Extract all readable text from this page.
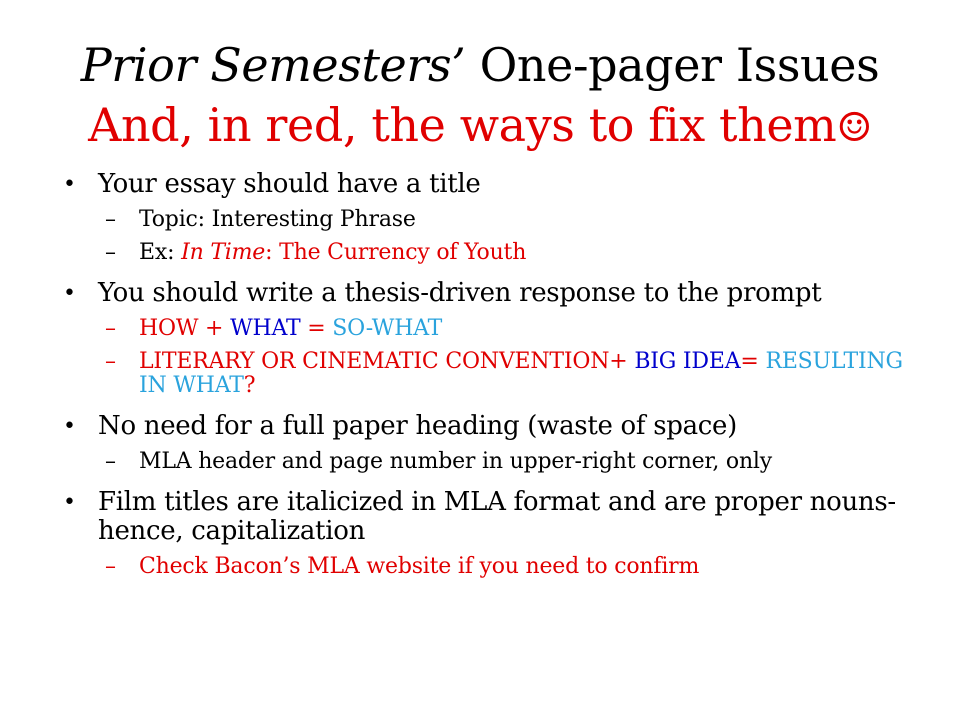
Prior Semesters’ One-pager Issues
And, in red, the ways to fix them☺
• Your essay should have a title
– Topic: Interesting Phrase
– Ex: In Time: The Currency of Youth
• You should write a thesis-driven response to the prompt
– HOW + WHAT = SO-WHAT
– LITERARY OR CINEMATIC CONVENTION+ BIG IDEA= RESULTING IN WHAT?
• No need for a full paper heading (waste of space)
– MLA header and page number in upper-right corner, only
• Film titles are italicized in MLA format and are proper nouns- hence, capitalization
– Check Bacon’s MLA website if you need to confirm
